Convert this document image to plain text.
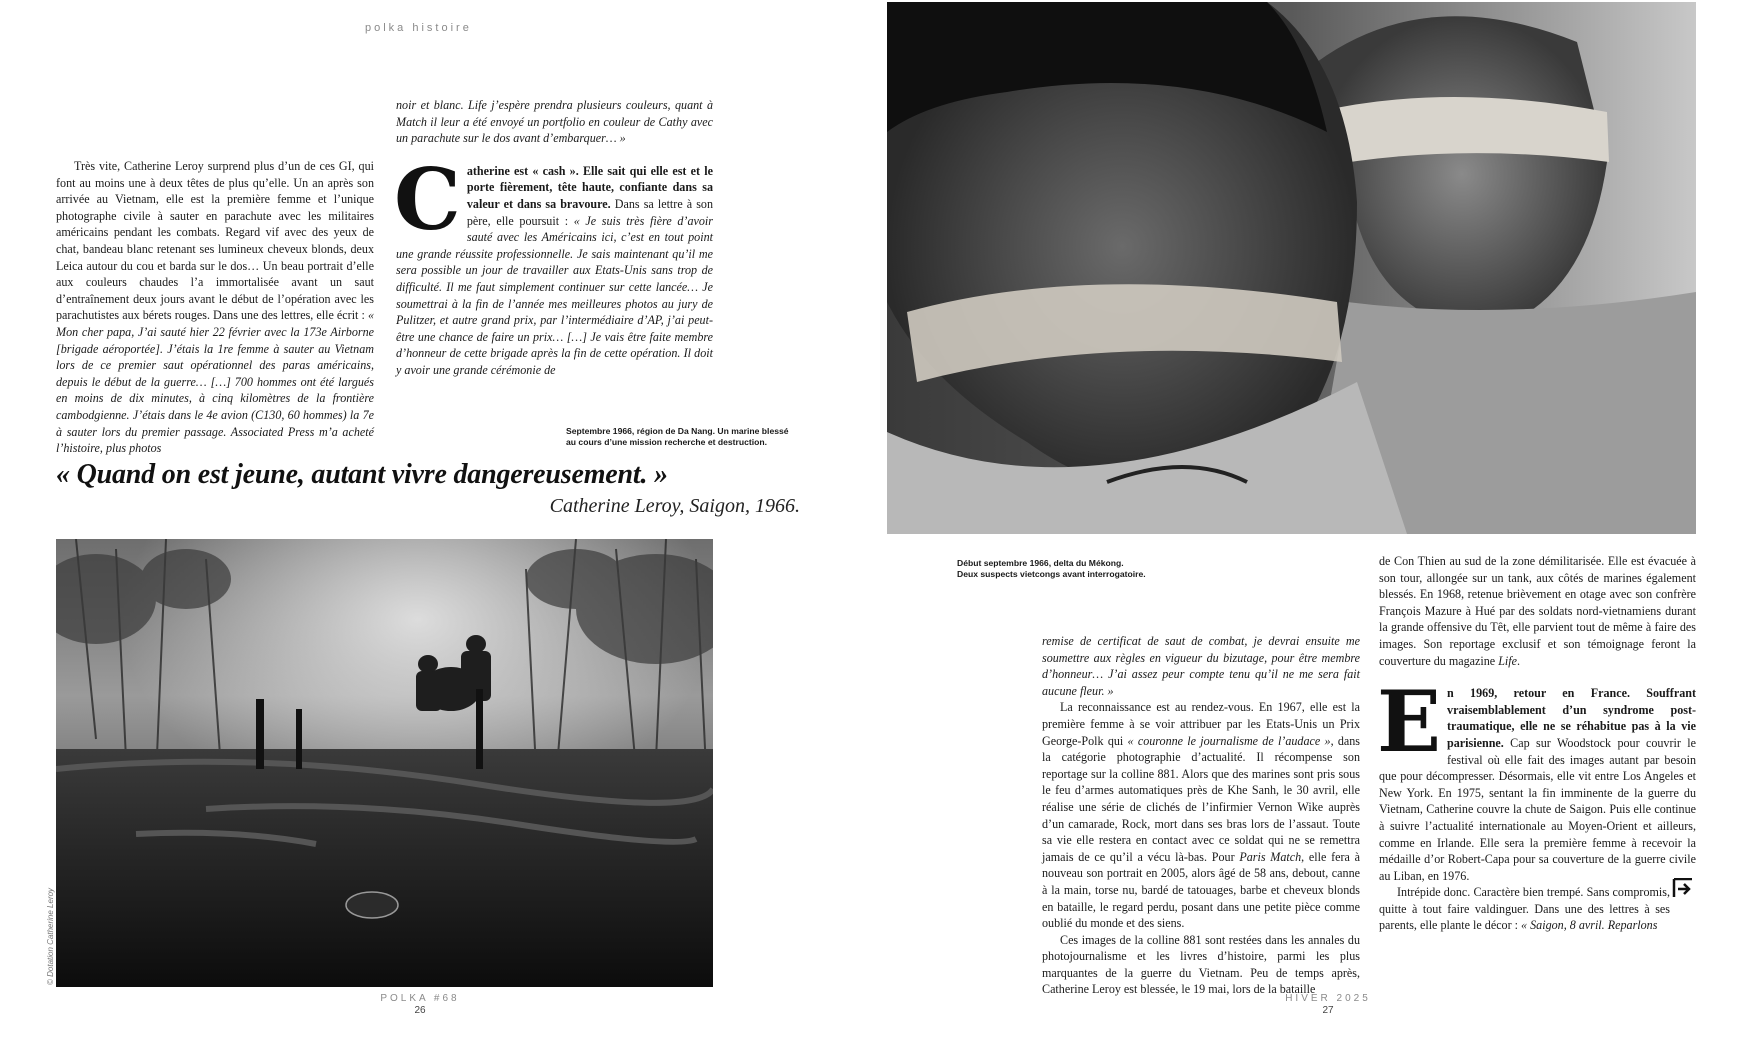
polka histoire

Très vite, Catherine Leroy surprend plus d’un de ces GI, qui font au moins une à deux têtes de plus qu’elle. Un an après son arrivée au Vietnam, elle est la première femme et l’unique photographe civile à sauter en parachute avec les militaires américains pendant les combats. Regard vif avec des yeux de chat, bandeau blanc retenant ses lumineux cheveux blonds, deux Leica autour du cou et barda sur le dos… Un beau portrait d’elle aux couleurs chaudes l’a immortalisée avant un saut d’entraînement deux jours avant le début de l’opération avec les parachutistes aux bérets rouges. Dans une des lettres, elle écrit : « Mon cher papa, J’ai sauté hier 22 février avec la 173e Airborne [brigade aéroportée]. J’étais la 1re femme à sauter au Vietnam lors de ce premier saut opérationnel des paras américains, depuis le début de la guerre… […] 700 hommes ont été largués en moins de dix minutes, à cinq kilomètres de la frontière cambodgienne. J’étais dans le 4e avion (C130, 60 hommes) la 7e à sauter lors du premier passage. Associated Press m’a acheté l’histoire, plus photos

noir et blanc. Life j’espère prendra plusieurs couleurs, quant à Match il leur a été envoyé un portfolio en couleur de Cathy avec un parachute sur le dos avant d’embarquer… »

Catherine est « cash ». Elle sait qui elle est et le porte fièrement, tête haute, confiante dans sa valeur et dans sa bravoure. Dans sa lettre à son père, elle poursuit : « Je suis très fière d’avoir sauté avec les Américains ici, c’est en tout point une grande réussite professionnelle. Je sais maintenant qu’il me sera possible un jour de travailler aux Etats-Unis sans trop de difficulté. Il me faut simplement continuer sur cette lancée… Je soumettrai à la fin de l’année mes meilleures photos au jury de Pulitzer, et autre grand prix, par l’intermédiaire d’AP, j’ai peut-être une chance de faire un prix… […] Je vais être faite membre d’honneur de cette brigade après la fin de cette opération. Il doit y avoir une grande cérémonie de

Septembre 1966, région de Da Nang. Un marine blessé
au cours d’une mission recherche et destruction.
« Quand on est jeune, autant vivre dangereusement. »
Catherine Leroy, Saigon, 1966.
© Dotation Catherine Leroy
POLKA #68
26
Début septembre 1966, delta du Mékong.
Deux suspects vietcongs avant interrogatoire.

remise de certificat de saut de combat, je devrai ensuite me soumettre aux règles en vigueur du bizutage, pour être membre d’honneur… J’ai assez peur compte tenu qu’il ne me sera fait aucune fleur. »

La reconnaissance est au rendez-vous. En 1967, elle est la première femme à se voir attribuer par les Etats-Unis un Prix George-Polk qui « couronne le journalisme de l’audace », dans la catégorie photographie d’actualité. Il récompense son reportage sur la colline 881. Alors que des marines sont pris sous le feu d’armes automatiques près de Khe Sanh, le 30 avril, elle réalise une série de clichés de l’infirmier Vernon Wike auprès d’un camarade, Rock, mort dans ses bras lors de l’assaut. Toute sa vie elle restera en contact avec ce soldat qui ne se remettra jamais de ce qu’il a vécu là-bas. Pour Paris Match, elle fera à nouveau son portrait en 2005, alors âgé de 58 ans, debout, canne à la main, torse nu, bardé de tatouages, barbe et cheveux blonds en bataille, le regard perdu, posant dans une petite pièce comme oublié du monde et des siens.

Ces images de la colline 881 sont restées dans les annales du photojournalisme et les livres d’histoire, parmi les plus marquantes de la guerre du Vietnam. Peu de temps après, Catherine Leroy est blessée, le 19 mai, lors de la bataille

de Con Thien au sud de la zone démilitarisée. Elle est évacuée à son tour, allongée sur un tank, aux côtés de marines également blessés. En 1968, retenue brièvement en otage avec son confrère François Mazure à Hué par des soldats nord-vietnamiens durant la grande offensive du Têt, elle parvient tout de même à faire des images. Son reportage exclusif et son témoignage feront la couverture du magazine Life.

En 1969, retour en France. Souffrant vraisemblablement d’un syndrome post-traumatique, elle ne se réhabitue pas à la vie parisienne. Cap sur Woodstock pour couvrir le festival où elle fait des images autant par besoin que pour décompresser. Désormais, elle vit entre Los Angeles et New York. En 1975, sentant la fin imminente de la guerre du Vietnam, Catherine couvre la chute de Saigon. Puis elle continue à suivre l’actualité internationale au Moyen-Orient et ailleurs, comme en Irlande. Elle sera la première femme à recevoir la médaille d’or Robert-Capa pour sa couverture de la guerre civile au Liban, en 1976.

Intrépide donc. Caractère bien trempé. Sans compromis, quitte à tout faire valdinguer. Dans une des lettres à ses parents, elle plante le décor : « Saigon, 8 avril. Reparlons

HIVER 2025
27
